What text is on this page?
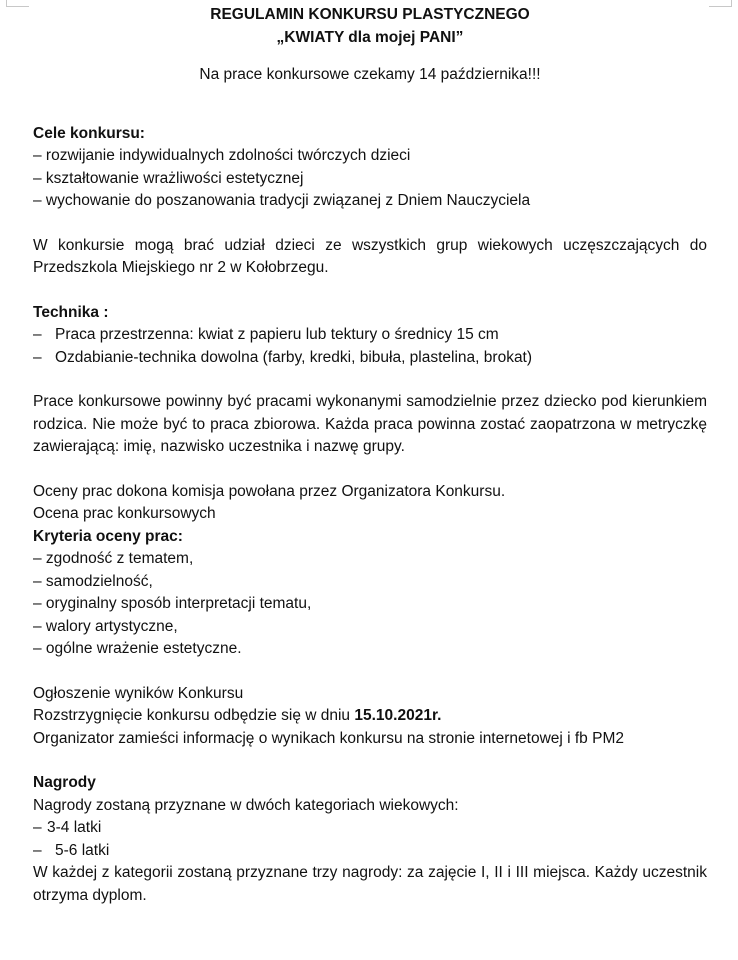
REGULAMIN KONKURSU PLASTYCZNEGO
„KWIATY dla mojej PANI”
Na prace konkursowe czekamy 14 października!!!
Cele konkursu:
– rozwijanie indywidualnych zdolności twórczych dzieci
– kształtowanie wrażliwości estetycznej
– wychowanie do poszanowania tradycji związanej z Dniem Nauczyciela

W konkursie mogą brać udział dzieci ze wszystkich grup wiekowych uczęszczających do Przedszkola Miejskiego nr 2 w Kołobrzegu.

Technika :
– Praca przestrzenna: kwiat z papieru lub tektury o średnicy 15 cm
– Ozdabianie-technika dowolna (farby, kredki, bibuła, plastelina, brokat)

Prace konkursowe powinny być pracami wykonanymi samodzielnie przez dziecko pod kierunkiem rodzica. Nie może być to praca zbiorowa. Każda praca powinna zostać zaopatrzona w metryczkę zawierającą: imię, nazwisko uczestnika i nazwę grupy.

Oceny prac dokona komisja powołana przez Organizatora Konkursu.
Ocena prac konkursowych
Kryteria oceny prac:
– zgodność z tematem,
– samodzielność,
– oryginalny sposób interpretacji tematu,
– walory artystyczne,
– ogólne wrażenie estetyczne.
Ogłoszenie wyników Konkursu
Rozstrzygnięcie konkursu odbędzie się w dniu 15.10.2021r.
Organizator zamieści informację o wynikach konkursu na stronie internetowej i fb PM2
Nagrody
Nagrody zostaną przyznane w dwóch kategoriach wiekowych:
– 3-4 latki
– 5-6 latki

W każdej z kategorii zostaną przyznane trzy nagrody: za zajęcie I, II i III miejsca. Każdy uczestnik otrzyma dyplom.
